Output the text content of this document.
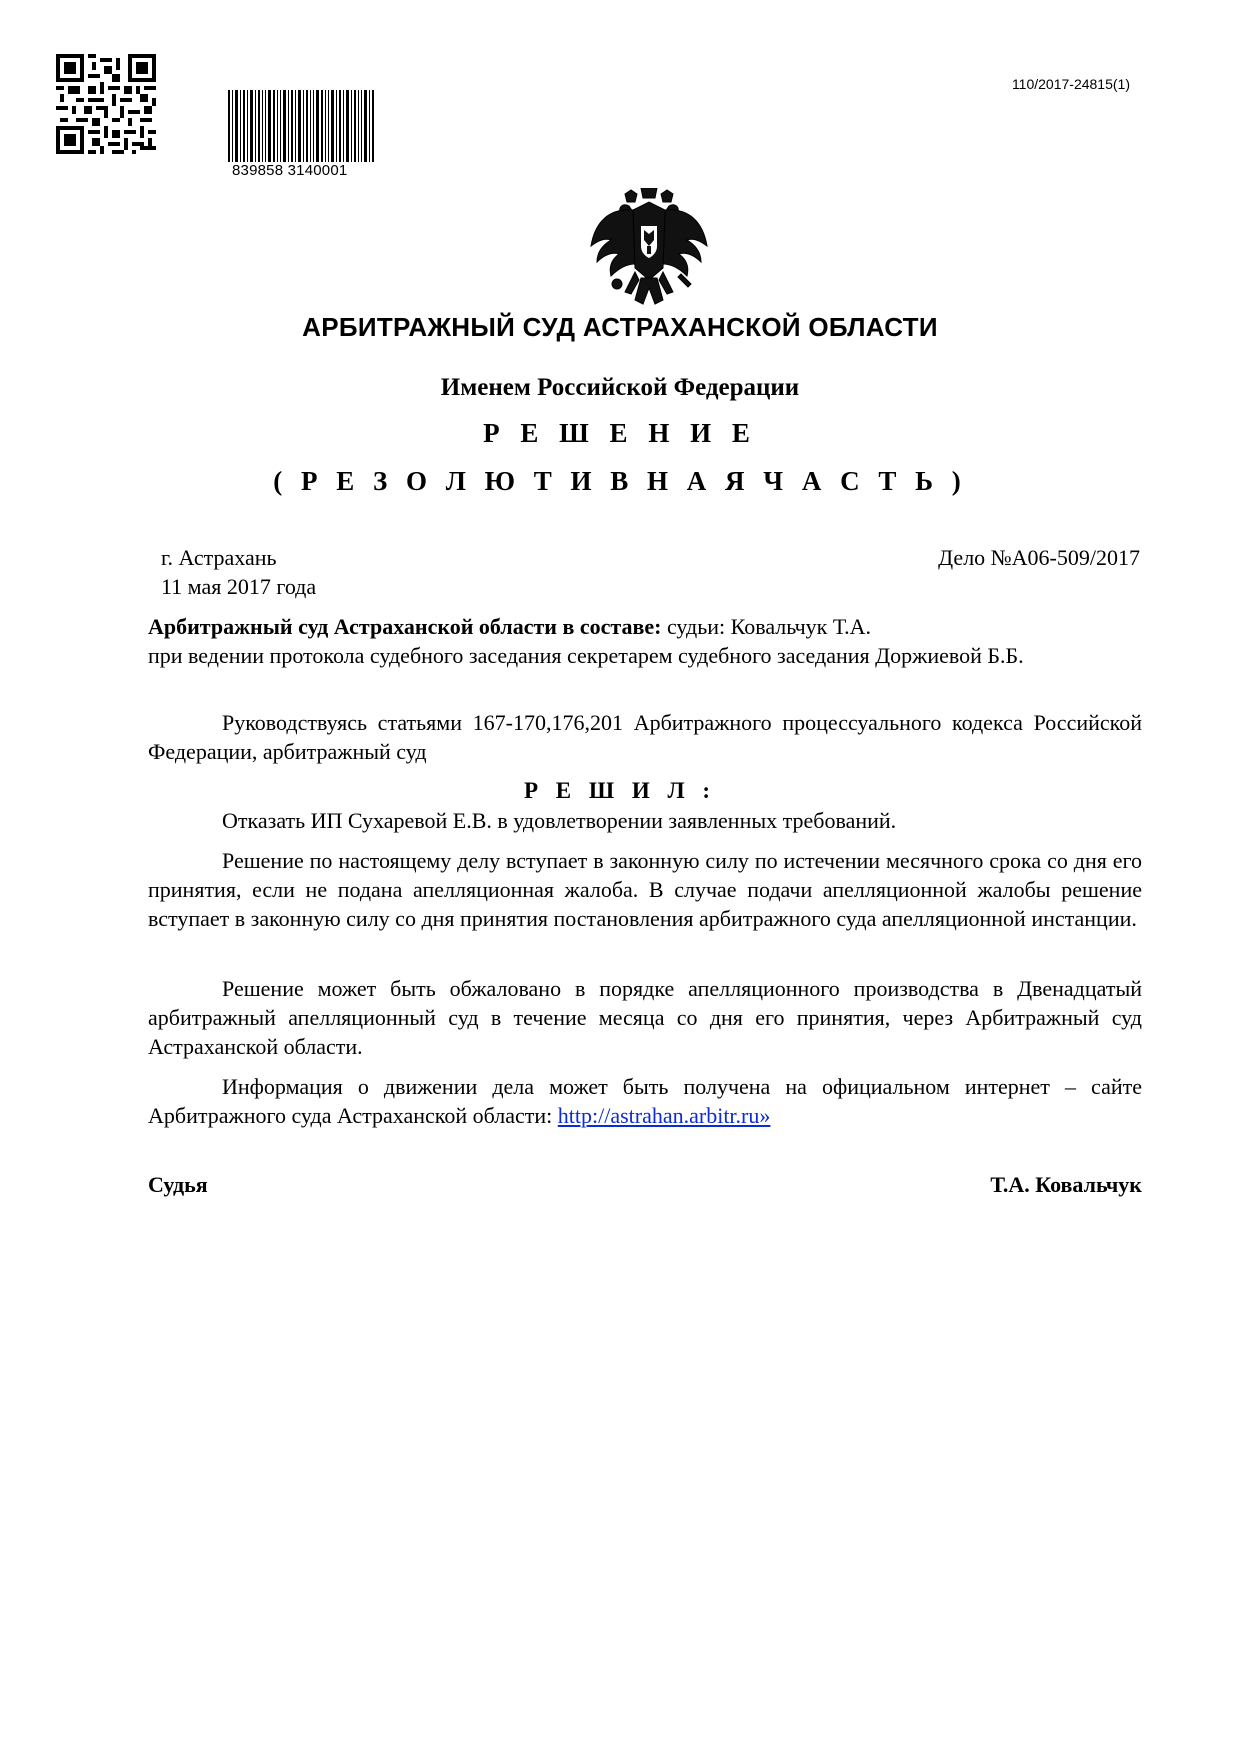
839858 3140001
110/2017-24815(1)
АРБИТРАЖНЫЙ СУД АСТРАХАНСКОЙ ОБЛАСТИ
Именем Российской Федерации
Р Е Ш Е Н И Е
( Р Е З О Л Ю Т И В Н А Я Ч А С Т Ь )
г. Астрахань
11 мая 2017 года
Дело №А06-509/2017
Арбитражный суд Астраханской области в составе: судьи: Ковальчук Т.А.
при ведении протокола судебного заседания секретарем судебного заседания Доржиевой Б.Б.
Руководствуясь статьями 167-170,176,201 Арбитражного процессуального кодекса Российской Федерации, арбитражный суд
Р Е Ш И Л :
Отказать ИП Сухаревой Е.В. в удовлетворении заявленных требований.
Решение по настоящему делу вступает в законную силу по истечении месячного срока со дня его принятия, если не подана апелляционная жалоба. В случае подачи апелляционной жалобы решение вступает в законную силу со дня принятия постановления арбитражного суда апелляционной инстанции.
Решение может быть обжаловано в порядке апелляционного производства в Двенадцатый арбитражный апелляционный суд в течение месяца со дня его принятия, через Арбитражный суд Астраханской области.
Информация о движении дела может быть получена на официальном интернет – сайте Арбитражного суда Астраханской области: http://astrahan.arbitr.ru»
Судья	Т.А. Ковальчук
